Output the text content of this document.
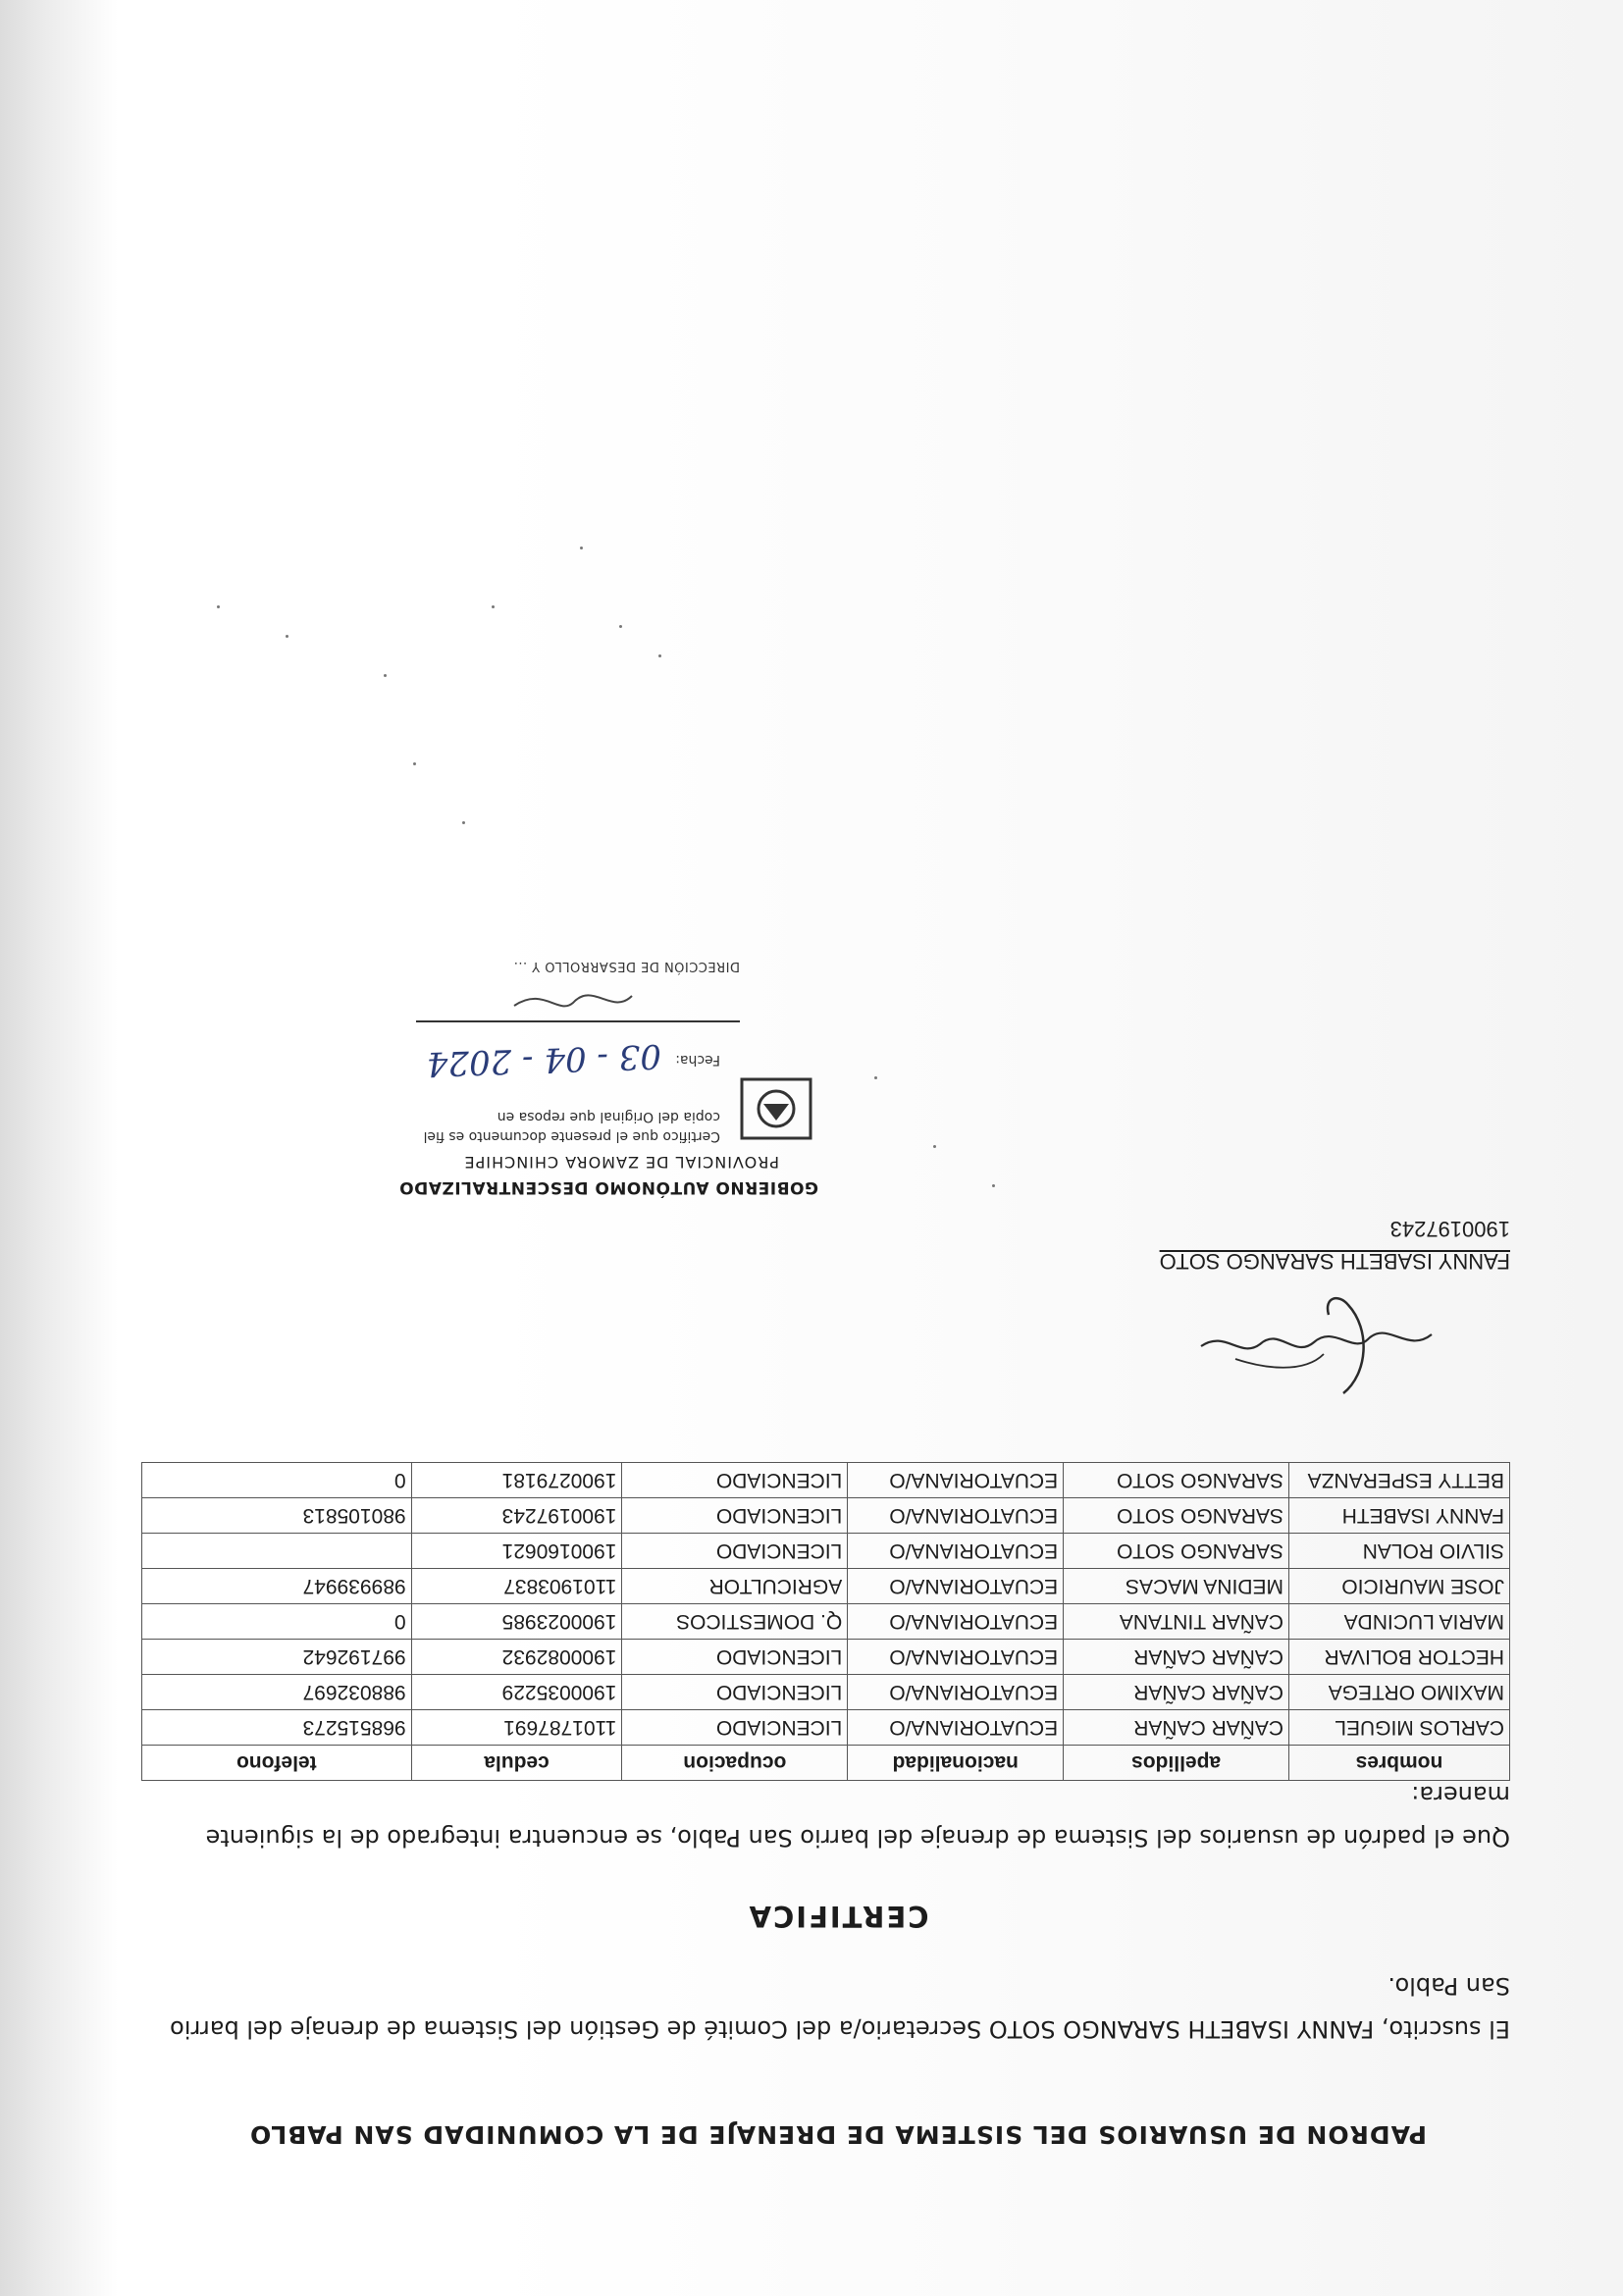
PADRON DE USUARIOS DEL SISTEMA DE DRENAJE DE LA COMUNIDAD SAN PABLO
El suscrito, FANNY ISABETH SARANGO SOTO Secretario/a del Comité de Gestión del Sistema de drenaje del barrio San Pablo.
CERTIFICA
Que el padrón de usuarios del Sistema de drenaje del barrio San Pablo, se encuentra integrado de la siguiente manera:
nombres	apellidos	nacionalidad	ocupacion	cedula	telefono
CARLOS MIGUEL	CAÑAR CAÑAR	ECUATORIANA/O	LICENCIADO	1101787691	968515273
MAXIMO ORTEGA	CAÑAR CAÑAR	ECUATORIANA/O	LICENCIADO	1900035229	988032697
HECTOR BOLIVAR	CAÑAR CAÑAR	ECUATORIANA/O	LICENCIADO	1900082932	997192642
MARIA LUCINDA	CAÑAR TINTANA	ECUATORIANA/O	Q. DOMESTICOS	1900023985	0
JOSE MAURICIO	MEDINA MACAS	ECUATORIANA/O	AGRICULTOR	1101903837	989939947
SILVIO ROLAN	SARANGO SOTO	ECUATORIANA/O	LICENCIADO	1900160621	
FANNY ISABETH	SARANGO SOTO	ECUATORIANA/O	LICENCIADO	1900197243	980105813
BETTY ESPERANZA	SARANGO SOTO	ECUATORIANA/O	LICENCIADO	1900279181	0
FANNY ISABETH SARANGO SOTO
1900197243
GOBIERNO AUTÓNOMO DESCENTRALIZADO
PROVINCIAL DE ZAMORA CHINCHIPE
Certifico que el presente documento es fiel copia del Original que reposa en
Fecha:
03 - 04 - 2024
DIRECCIÓN DE DESARROLLO Y ...
